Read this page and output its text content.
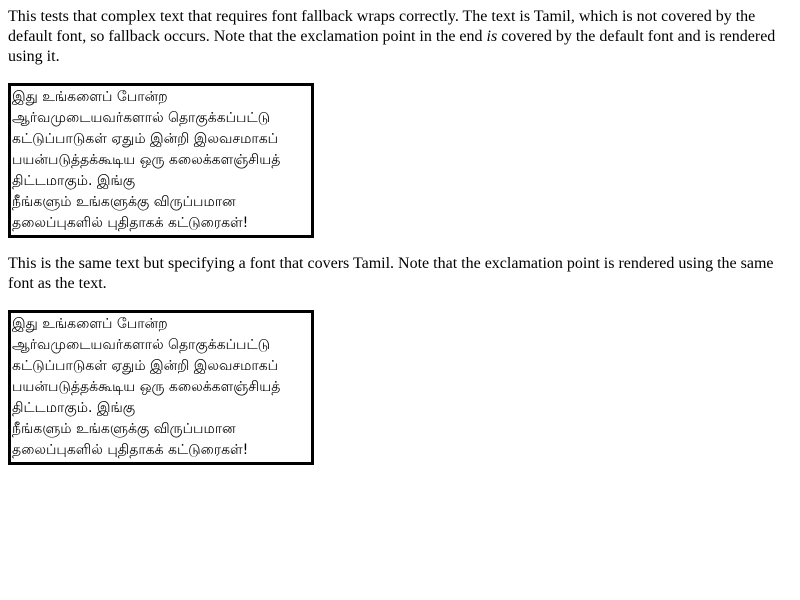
This tests that complex text that requires font fallback wraps correctly. The text is Tamil, which is not covered by the default font, so fallback occurs. Note that the exclamation point in the end is covered by the default font and is rendered using it.

இது உங்களைப் போன்ற
ஆர்வமுடையவர்களால் தொகுக்கப்பட்டு
கட்டுப்பாடுகள் ஏதும் இன்றி இலவசமாகப்
பயன்படுத்தக்கூடிய ஒரு கலைக்களஞ்சியத் திட்டமாகும். இங்கு
நீங்களும் உங்களுக்கு விருப்பமான
தலைப்புகளில் புதிதாகக் கட்டுரைகள்!

This is the same text but specifying a font that covers Tamil. Note that the exclamation point is rendered using the same font as the text.

இது உங்களைப் போன்ற
ஆர்வமுடையவர்களால் தொகுக்கப்பட்டு
கட்டுப்பாடுகள் ஏதும் இன்றி இலவசமாகப்
பயன்படுத்தக்கூடிய ஒரு கலைக்களஞ்சியத் திட்டமாகும். இங்கு
நீங்களும் உங்களுக்கு விருப்பமான
தலைப்புகளில் புதிதாகக் கட்டுரைகள்!
